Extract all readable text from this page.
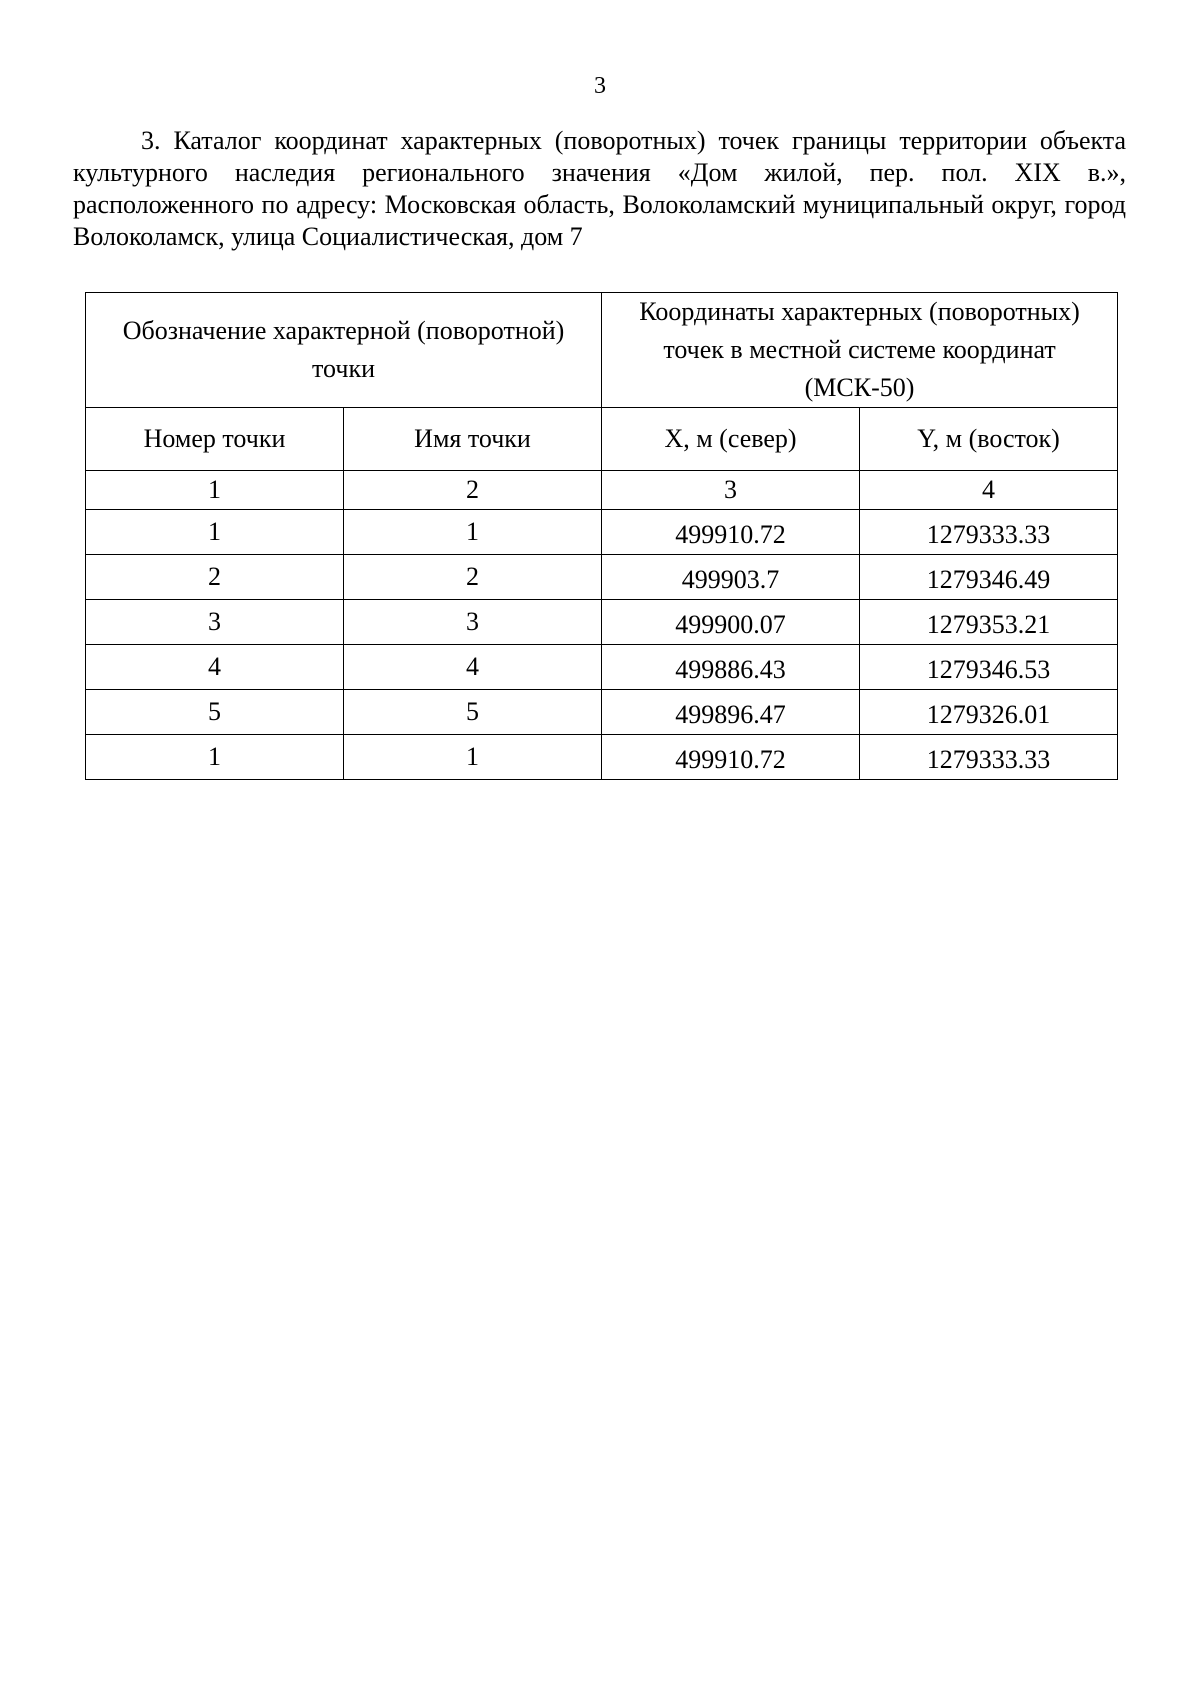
3

3. Каталог координат характерных (поворотных) точек границы территории объекта культурного наследия регионального значения «Дом жилой, пер. пол. XIX в.», расположенного по адресу: Московская область, Волоколамский муниципальный округ, город Волоколамск, улица Социалистическая, дом 7

Обозначение характерной (поворотной) точки		Координаты характерных (поворотных) точек в местной системе координат (МСК-50)	
Номер точки	Имя точки	X, м (север)	Y, м (восток)
1	2	3	4
1	1	499910.72	1279333.33
2	2	499903.7	1279346.49
3	3	499900.07	1279353.21
4	4	499886.43	1279346.53
5	5	499896.47	1279326.01
1	1	499910.72	1279333.33
